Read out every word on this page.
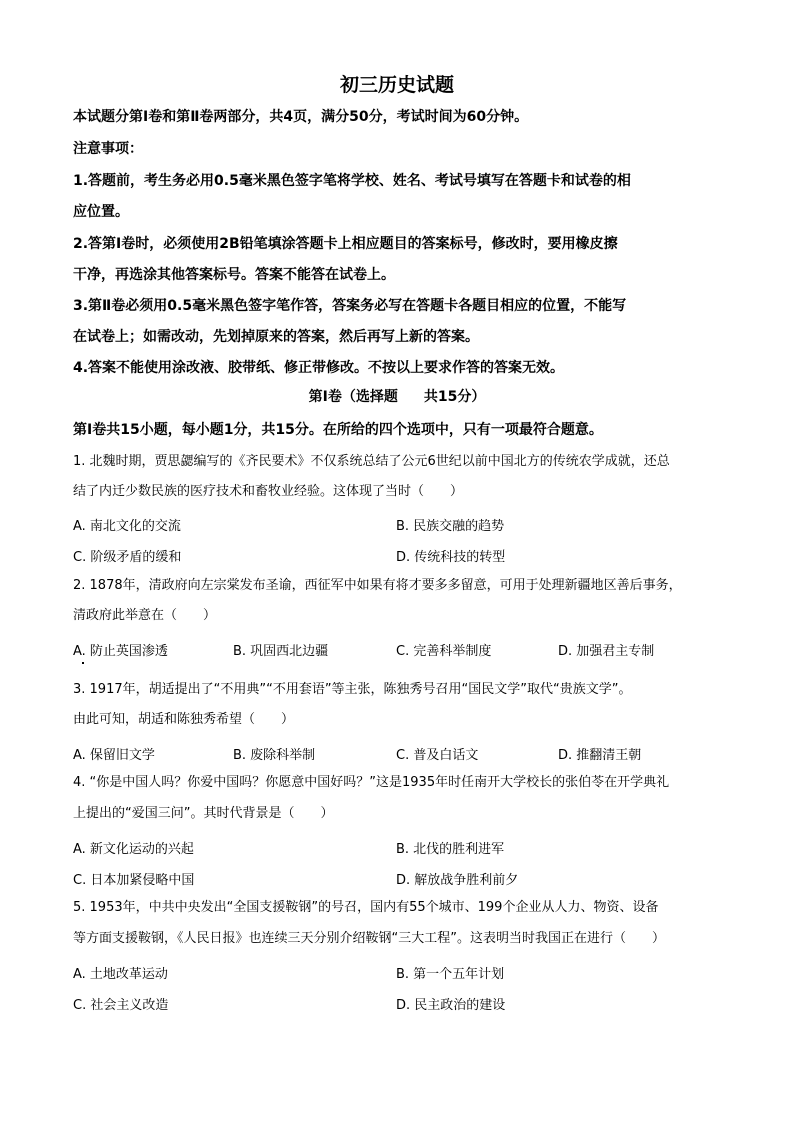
初三历史试题
本试题分第Ⅰ卷和第Ⅱ卷两部分，共4页，满分50分，考试时间为60分钟。
注意事项：
1.答题前，考生务必用0.5毫米黑色签字笔将学校、姓名、考试号填写在答题卡和试卷的相
应位置。
2.答第Ⅰ卷时，必须使用2B铅笔填涂答题卡上相应题目的答案标号，修改时，要用橡皮擦
干净，再选涂其他答案标号。答案不能答在试卷上。
3.第Ⅱ卷必须用0.5毫米黑色签字笔作答，答案务必写在答题卡各题目相应的位置，不能写
在试卷上；如需改动，先划掉原来的答案，然后再写上新的答案。
4.答案不能使用涂改液、胶带纸、修正带修改。不按以上要求作答的答案无效。
第Ⅰ卷（选择题 共15分）
第Ⅰ卷共15小题，每小题1分，共15分。在所给的四个选项中，只有一项最符合题意。
1. 北魏时期，贾思勰编写的《齐民要术》不仅系统总结了公元6世纪以前中国北方的传统农学成就，还总
结了内迁少数民族的医疗技术和畜牧业经验。这体现了当时（　　）
A. 南北文化的交流	B. 民族交融的趋势
C. 阶级矛盾的缓和	D. 传统科技的转型
2. 1878年，清政府向左宗棠发布圣谕，西征军中如果有将才要多多留意，可用于处理新疆地区善后事务，
清政府此举意在（　　）
A. 防止英国渗透	B. 巩固西北边疆	C. 完善科举制度	D. 加强君主专制
3. 1917年，胡适提出了“不用典”“不用套语”等主张，陈独秀号召用“国民文学”取代“贵族文学”。
由此可知，胡适和陈独秀希望（　　）
A. 保留旧文学	B. 废除科举制	C. 普及白话文	D. 推翻清王朝
4. “你是中国人吗？你爱中国吗？你愿意中国好吗？”这是1935年时任南开大学校长的张伯苓在开学典礼
上提出的“爱国三问”。其时代背景是（　　）
A. 新文化运动的兴起	B. 北伐的胜利进军
C. 日本加紧侵略中国	D. 解放战争胜利前夕
5. 1953年，中共中央发出“全国支援鞍钢”的号召，国内有55个城市、199个企业从人力、物资、设备
等方面支援鞍钢，《人民日报》也连续三天分别介绍鞍钢“三大工程”。这表明当时我国正在进行（　　）
A. 土地改革运动	B. 第一个五年计划
C. 社会主义改造	D. 民主政治的建设
